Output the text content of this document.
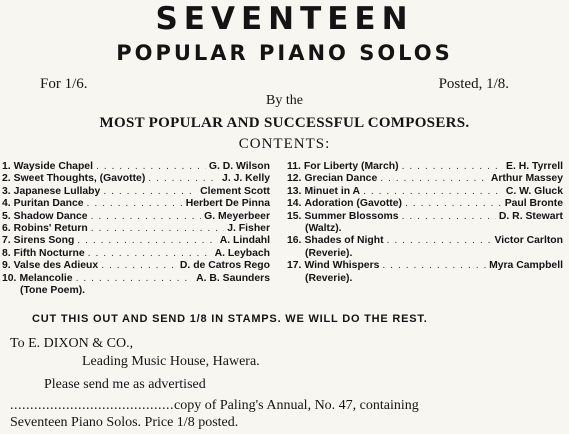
SEVENTEEN
POPULAR PIANO SOLOS
For 1/6.	Posted, 1/8.
By the
MOST POPULAR AND SUCCESSFUL COMPOSERS.
CONTENTS:
1. Wayside Chapel . . .	G. D. Wilson
2. Sweet Thoughts, (Gavotte) . . .	J. J. Kelly
3. Japanese Lullaby . . .	Clement Scott
4. Puritan Dance . . .	Herbert De Pinna
5. Shadow Dance . . .	G. Meyerbeer
6. Robins' Return . . .	J. Fisher
7. Sirens Song . . .	A. Lindahl
8. Fifth Nocturne . . .	A. Leybach
9. Valse des Adieux . . .	D. de Catros Rego
10. Melancolie . . .	A. B. Saunders
(Tone Poem).
11. For Liberty (March) . . .	E. H. Tyrrell
12. Grecian Dance . . .	Arthur Massey
13. Minuet in A . . .	C. W. Gluck
14. Adoration (Gavotte) . . .	Paul Bronte
15. Summer Blossoms . . .	D. R. Stewart
(Waltz).
16. Shades of Night . . .	Victor Carlton
(Reverie).
17. Wind Whispers . . .	Myra Campbell
(Reverie).
CUT THIS OUT AND SEND 1/8 IN STAMPS. WE WILL DO THE REST.
To E. DIXON & CO.,
Leading Music House, Hawera.
Please send me as advertised
.........................................copy of Paling's Annual, No. 47, containing
Seventeen Piano Solos. Price 1/8 posted.
